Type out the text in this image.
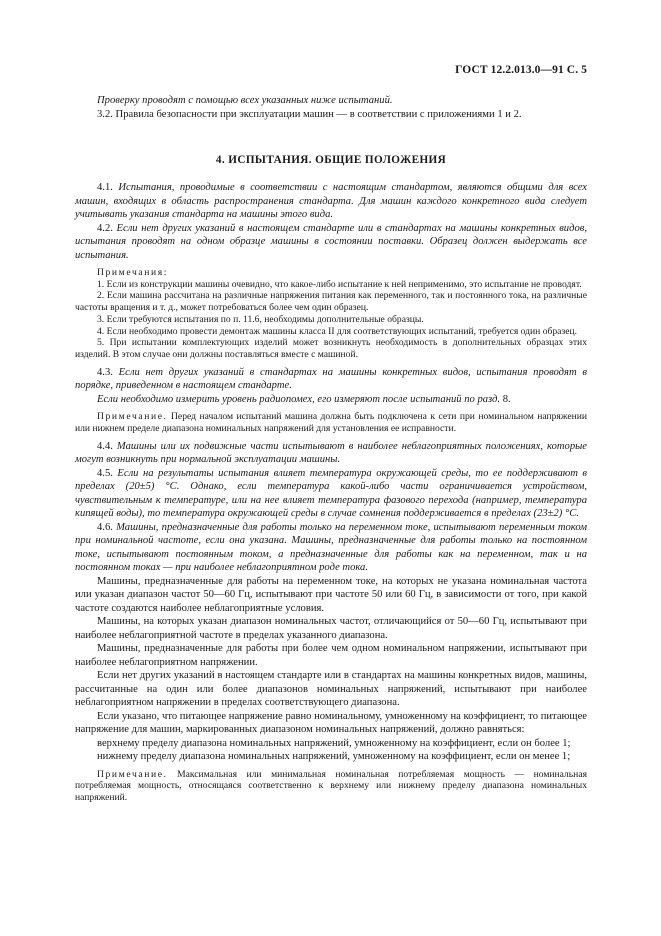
ГОСТ 12.2.013.0—91 С. 5

Проверку проводят с помощью всех указанных ниже испытаний.

3.2. Правила безопасности при эксплуатации машин — в соответствии с приложениями 1 и 2.

4. ИСПЫТАНИЯ. ОБЩИЕ ПОЛОЖЕНИЯ

4.1. Испытания, проводимые в соответствии с настоящим стандартом, являются общими для всех машин, входящих в область распространения стандарта. Для машин каждого конкретного вида следует учитывать указания стандарта на машины этого вида.

4.2. Если нет других указаний в настоящем стандарте или в стандартах на машины конкретных видов, испытания проводят на одном образце машины в состоянии поставки. Образец должен выдержать все испытания.

Примечания:

1. Если из конструкции машины очевидно, что какое-либо испытание к ней неприменимо, это испытание не проводят.

2. Если машина рассчитана на различные напряжения питания как переменного, так и постоянного тока, на различные частоты вращения и т. д., может потребоваться более чем один образец.

3. Если требуются испытания по п. 11.6, необходимы дополнительные образцы.

4. Если необходимо провести демонтаж машины класса II для соответствующих испытаний, требуется один образец.

5. При испытании комплектующих изделий может возникнуть необходимость в дополнительных образцах этих изделий. В этом случае они должны поставляться вместе с машиной.

4.3. Если нет других указаний в стандартах на машины конкретных видов, испытания проводят в порядке, приведенном в настоящем стандарте.

Если необходимо измерить уровень радиопомех, его измеряют после испытаний по разд. 8.

Примечание. Перед началом испытаний машина должна быть подключена к сети при номинальном напряжении или нижнем пределе диапазона номинальных напряжений для установления ее исправности.

4.4. Машины или их подвижные части испытывают в наиболее неблагоприятных положениях, которые могут возникнуть при нормальной эксплуатации машины.

4.5. Если на результаты испытания влияет температура окружающей среды, то ее поддерживают в пределах (20±5) °С. Однако, если температура какой-либо части ограничивается устройством, чувствительным к температуре, или на нее влияет температура фазового перехода (например, температура кипящей воды), то температура окружающей среды в случае сомнения поддерживается в пределах (23±2) °С.

4.6. Машины, предназначенные для работы только на переменном токе, испытывают переменным током при номинальной частоте, если она указана. Машины, предназначенные для работы только на постоянном токе, испытывают постоянным током, а предназначенные для работы как на переменном, так и на постоянном токах — при наиболее неблагоприятном роде тока.

Машины, предназначенные для работы на переменном токе, на которых не указана номинальная частота или указан диапазон частот 50—60 Гц, испытывают при частоте 50 или 60 Гц, в зависимости от того, при какой частоте создаются наиболее неблагоприятные условия.

Машины, на которых указан диапазон номинальных частот, отличающийся от 50—60 Гц, испытывают при наиболее неблагоприятной частоте в пределах указанного диапазона.

Машины, предназначенные для работы при более чем одном номинальном напряжении, испытывают при наиболее неблагоприятном напряжении.

Если нет других указаний в настоящем стандарте или в стандартах на машины конкретных видов, машины, рассчитанные на один или более диапазонов номинальных напряжений, испытывают при наиболее неблагоприятном напряжении в пределах соответствующего диапазона.

Если указано, что питающее напряжение равно номинальному, умноженному на коэффициент, то питающее напряжение для машин, маркированных диапазоном номинальных напряжений, должно равняться:

верхнему пределу диапазона номинальных напряжений, умноженному на коэффициент, если он более 1;

нижнему пределу диапазона номинальных напряжений, умноженному на коэффициент, если он менее 1;

Примечание. Максимальная или минимальная номинальная потребляемая мощность — номинальная потребляемая мощность, относящаяся соответственно к верхнему или нижнему пределу диапазона номинальных напряжений.
